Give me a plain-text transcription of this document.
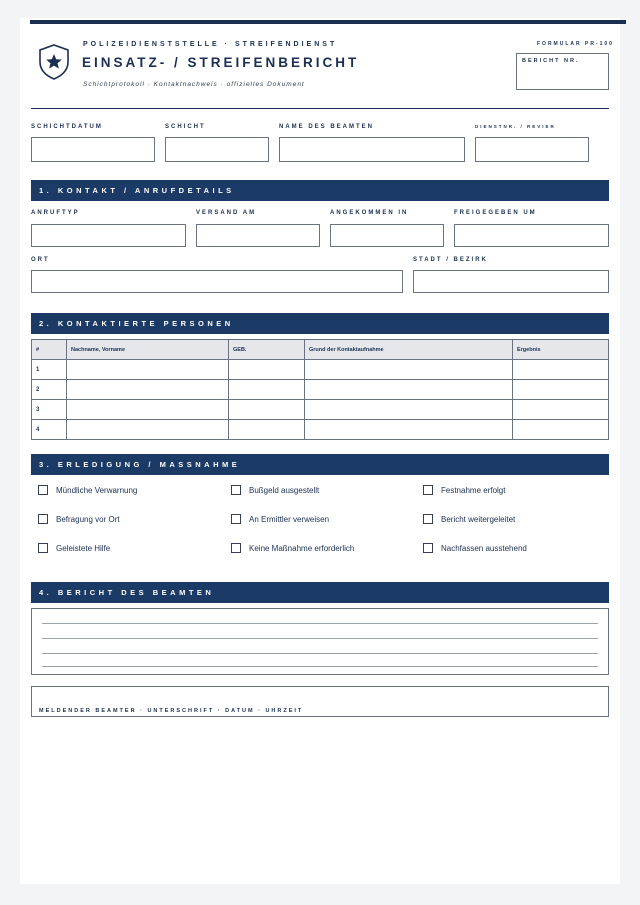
POLIZEIDIENSTSTELLE · STREIFENDIENST
EINSATZ- / STREIFENBERICHT
Schichtprotokoll · Kontaktnachweis · offizielles Dokument
FORMULAR PR-100
BERICHT NR.
SCHICHTDATUM	SCHICHT	NAME DES BEAMTEN	DIENSTNR. / REVIER
1. KONTAKT / ANRUFDETAILS
ANRUFTYP	VERSAND AM	ANGEKOMMEN IN	FREIGEGEBEN UM
ORT	STADT / BEZIRK
2. KONTAKTIERTE PERSONEN
#	Nachname, Vorname	GEB.	Grund der Kontaktaufnahme	Ergebnis
1				
2				
3				
4				
3. ERLEDIGUNG / MASSNAHME
Mündliche Verwarnung	Bußgeld ausgestellt	Festnahme erfolgt
Befragung vor Ort	An Ermittler verweisen	Bericht weitergeleitet
Geleistete Hilfe	Keine Maßnahme erforderlich	Nachfassen ausstehend
4. BERICHT DES BEAMTEN
MELDENDER BEAMTER · UNTERSCHRIFT · DATUM · UHRZEIT
